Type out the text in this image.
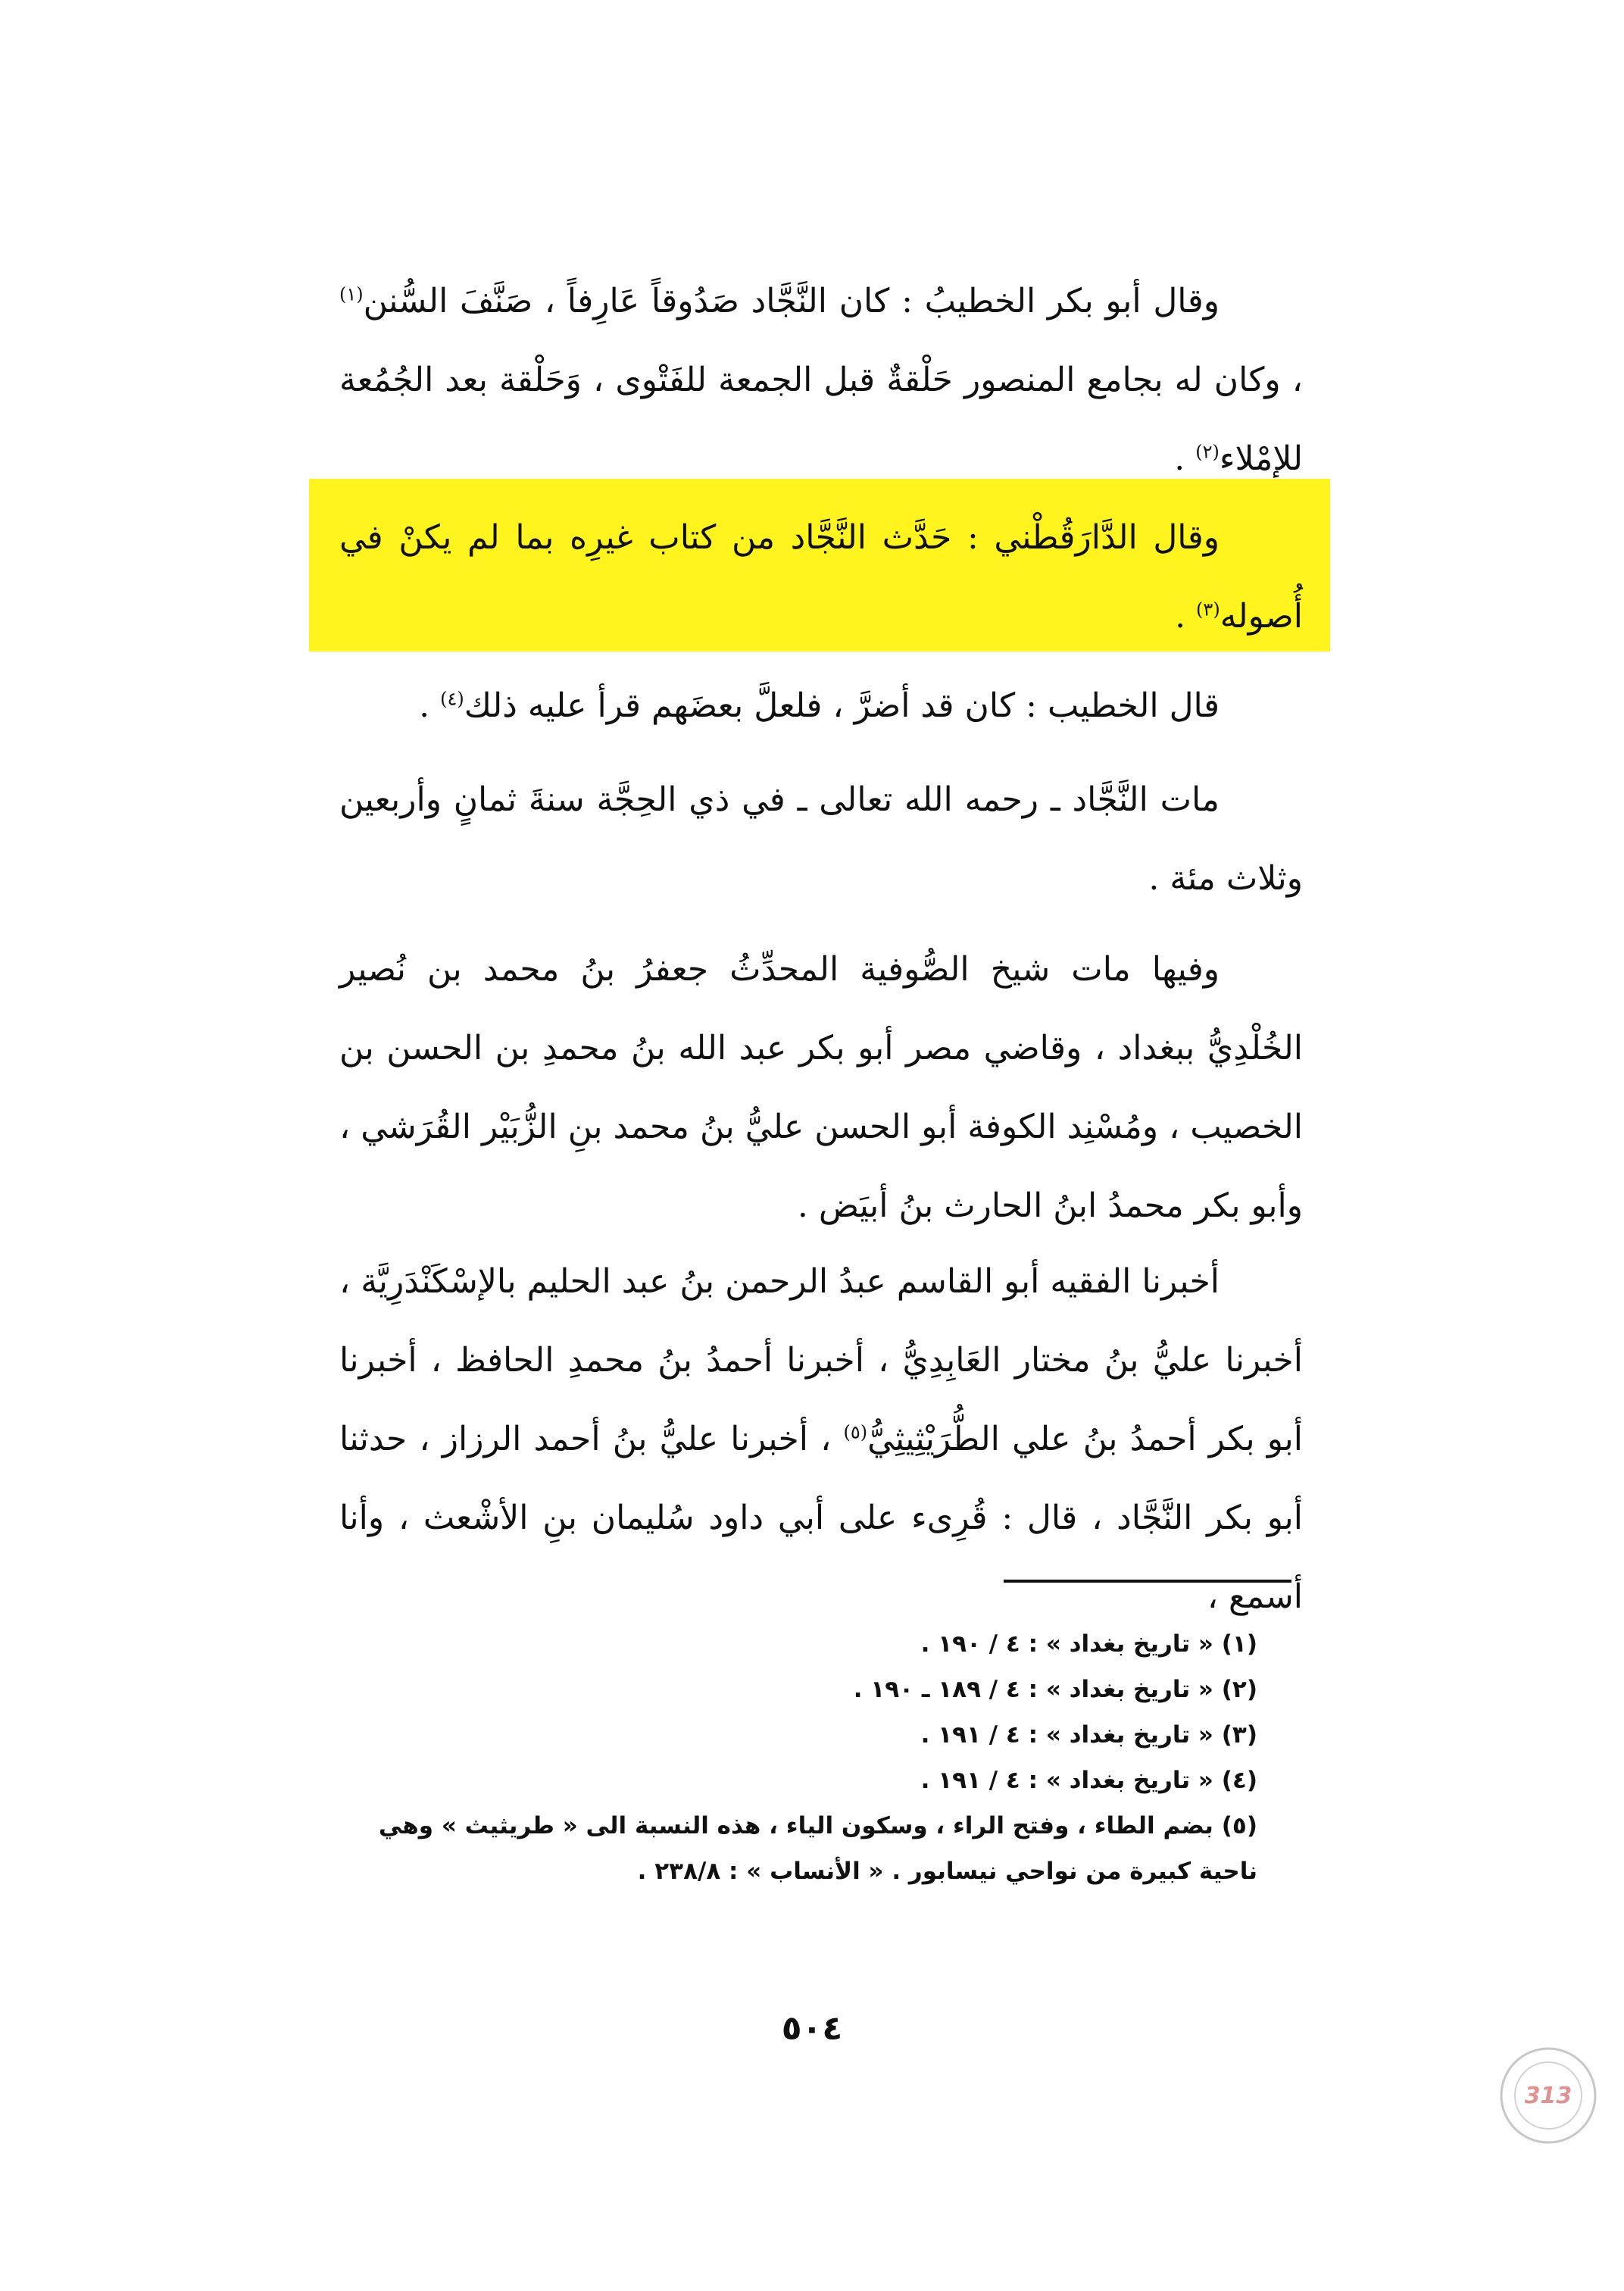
وقال أبو بكر الخطيبُ : كان النَّجَّاد صَدُوقاً عَارِفاً ، صَنَّفَ السُّنن$^{(١)}$ ، وكان له بجامع المنصور حَلْقةٌ قبل الجمعة للفَتْوى ، وَحَلْقة بعد الجُمُعة للإمْلاء$^{(٢)}$ .

وقال الدَّارَقُطْني : حَدَّث النَّجَّاد من كتاب غيرِه بما لم يكنْ في أُصوله$^{(٣)}$ .

قال الخطيب : كان قد أضرَّ ، فلعلَّ بعضَهم قرأ عليه ذلك$^{(٤)}$ .

مات النَّجَّاد ـ رحمه الله تعالى ـ في ذي الحِجَّة سنةَ ثمانٍ وأربعين وثلاث مئة .

وفيها مات شيخ الصُّوفية المحدِّثُ جعفرُ بنُ محمد بن نُصير الخُلْدِيُّ ببغداد ، وقاضي مصر أبو بكر عبد الله بنُ محمدِ بن الحسن بن الخصيب ، ومُسْنِد الكوفة أبو الحسن عليُّ بنُ محمد بنِ الزُّبَيْر القُرَشي ، وأبو بكر محمدُ ابنُ الحارث بنُ أبيَض .

أخبرنا الفقيه أبو القاسم عبدُ الرحمن بنُ عبد الحليم بالإسْكَنْدَرِيَّة ، أخبرنا عليُّ بنُ مختار العَابِدِيُّ ، أخبرنا أحمدُ بنُ محمدِ الحافظ ، أخبرنا أبو بكر أحمدُ بنُ علي الطُّرَيْثِيثِيُّ$^{(٥)}$ ، أخبرنا عليُّ بنُ أحمد الرزاز ، حدثنا أبو بكر النَّجَّاد ، قال : قُرِىء على أبي داود سُليمان بنِ الأشْعث ، وأنا أسمع ،

(١) « تاريخ بغداد » : ٤ / ١٩٠ .

(٢) « تاريخ بغداد » : ٤ / ١٨٩ ـ ١٩٠ .

(٣) « تاريخ بغداد » : ٤ / ١٩١ .

(٤) « تاريخ بغداد » : ٤ / ١٩١ .

(٥) بضم الطاء ، وفتح الراء ، وسكون الياء ، هذه النسبة الى « طريثيث » وهي ناحية كبيرة من نواحي نيسابور . « الأنساب » : ٢٣٨/٨ .

٥٠٤
313
